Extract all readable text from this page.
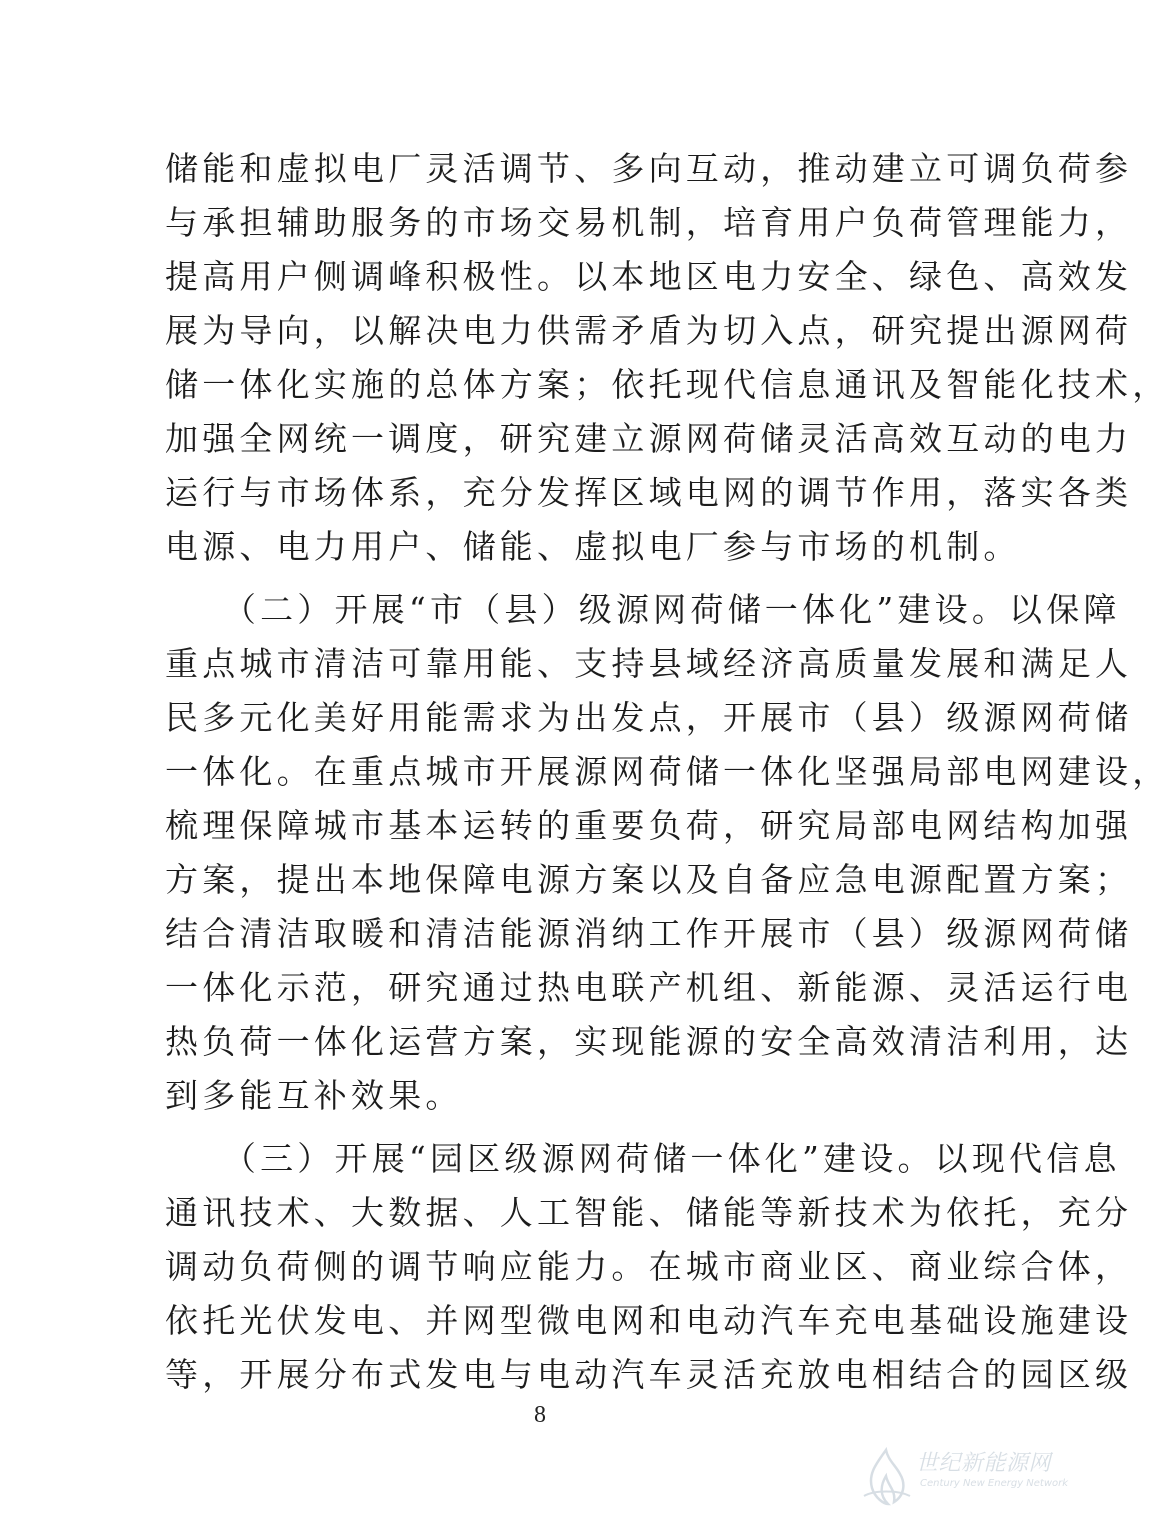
储能和虚拟电厂灵活调节、多向互动，推动建立可调负荷参
与承担辅助服务的市场交易机制，培育用户负荷管理能力，
提高用户侧调峰积极性。以本地区电力安全、绿色、高效发
展为导向，以解决电力供需矛盾为切入点，研究提出源网荷
储一体化实施的总体方案；依托现代信息通讯及智能化技术，
加强全网统一调度，研究建立源网荷储灵活高效互动的电力
运行与市场体系，充分发挥区域电网的调节作用，落实各类
电源、电力用户、储能、虚拟电厂参与市场的机制。
　　（二）开展“市（县）级源网荷储一体化”建设。以保障
重点城市清洁可靠用能、支持县域经济高质量发展和满足人
民多元化美好用能需求为出发点，开展市（县）级源网荷储
一体化。在重点城市开展源网荷储一体化坚强局部电网建设，
梳理保障城市基本运转的重要负荷，研究局部电网结构加强
方案，提出本地保障电源方案以及自备应急电源配置方案；
结合清洁取暖和清洁能源消纳工作开展市（县）级源网荷储
一体化示范，研究通过热电联产机组、新能源、灵活运行电
热负荷一体化运营方案，实现能源的安全高效清洁利用，达
到多能互补效果。
　　（三）开展“园区级源网荷储一体化”建设。以现代信息
通讯技术、大数据、人工智能、储能等新技术为依托，充分
调动负荷侧的调节响应能力。在城市商业区、商业综合体，
依托光伏发电、并网型微电网和电动汽车充电基础设施建设
等，开展分布式发电与电动汽车灵活充放电相结合的园区级
8
世纪新能源网
Century New Energy Network
